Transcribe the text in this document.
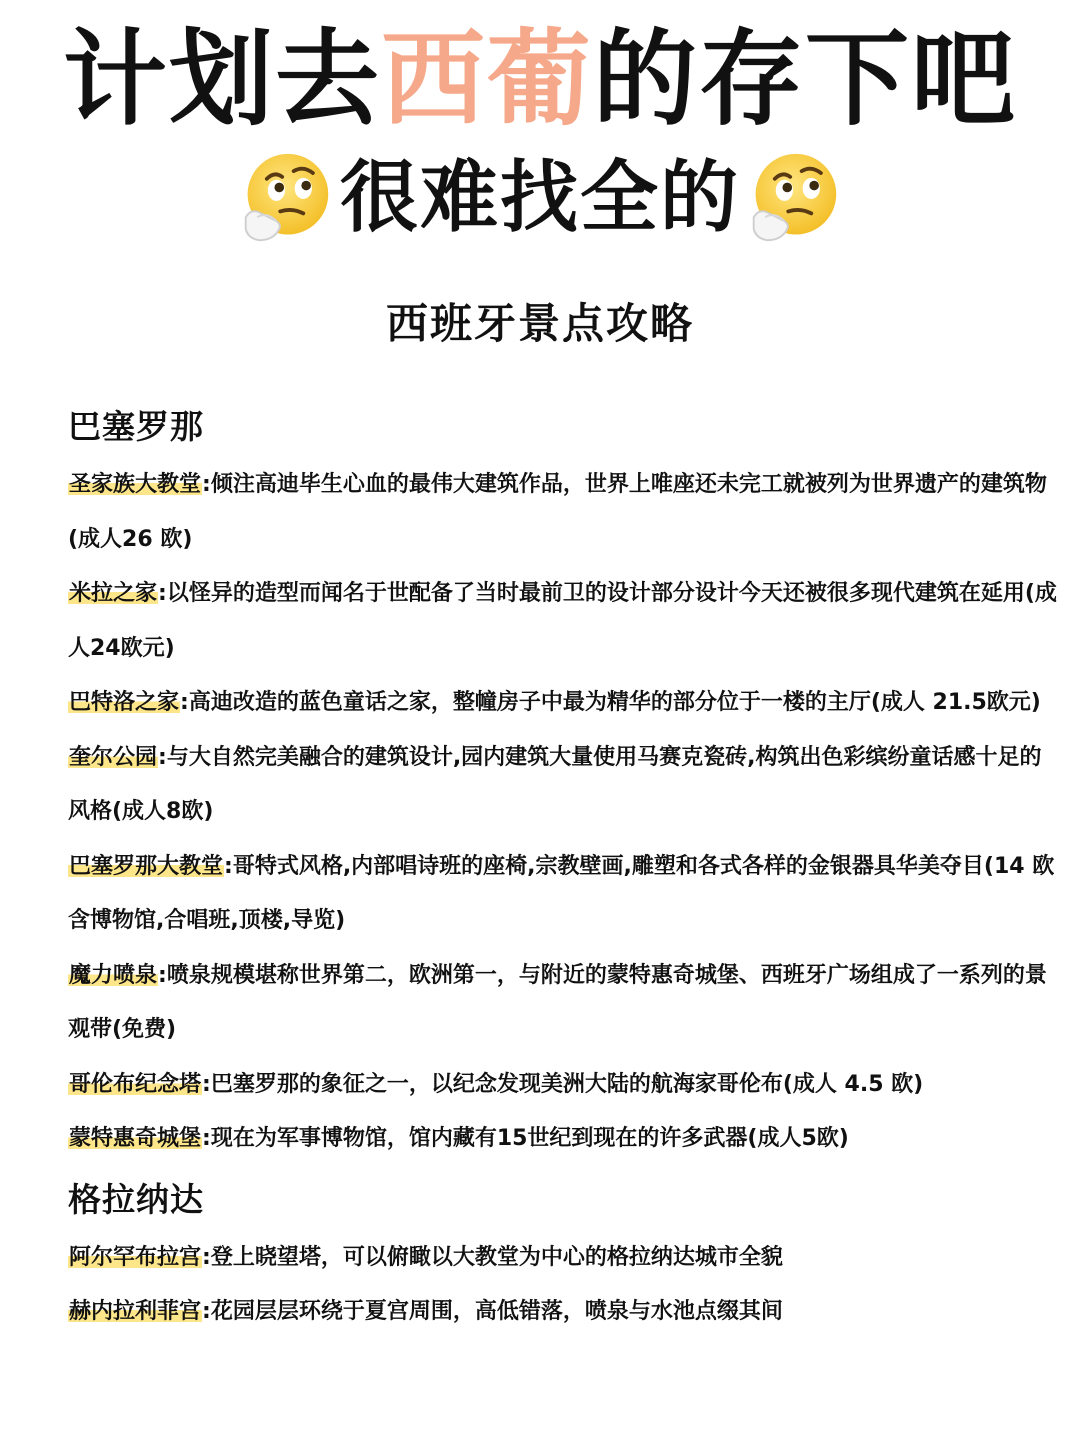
计划去西葡的存下吧
很难找全的
西班牙景点攻略
巴塞罗那

圣家族大教堂:倾注高迪毕生心血的最伟大建筑作品，世界上唯座还未完工就被列为世界遗产的建筑物(成人26 欧)

米拉之家:以怪异的造型而闻名于世配备了当时最前卫的设计部分设计今天还被很多现代建筑在延用(成人24欧元)

巴特洛之家:高迪改造的蓝色童话之家，整幢房子中最为精华的部分位于一楼的主厅(成人 21.5欧元)

奎尔公园:与大自然完美融合的建筑设计,园内建筑大量使用马赛克瓷砖,构筑出色彩缤纷童话感十足的风格(成人8欧)

巴塞罗那大教堂:哥特式风格,内部唱诗班的座椅,宗教壁画,雕塑和各式各样的金银器具华美夺目(14 欧含博物馆,合唱班,顶楼,导览)

魔力喷泉:喷泉规模堪称世界第二，欧洲第一，与附近的蒙特惠奇城堡、西班牙广场组成了一系列的景观带(免费)

哥伦布纪念塔:巴塞罗那的象征之一，以纪念发现美洲大陆的航海家哥伦布(成人 4.5 欧)

蒙特惠奇城堡:现在为军事博物馆，馆内藏有15世纪到现在的许多武器(成人5欧)

格拉纳达

阿尔罕布拉宫:登上晓望塔，可以俯瞰以大教堂为中心的格拉纳达城市全貌

赫内拉利菲宫:花园层层环绕于夏宫周围，高低错落，喷泉与水池点缀其间
